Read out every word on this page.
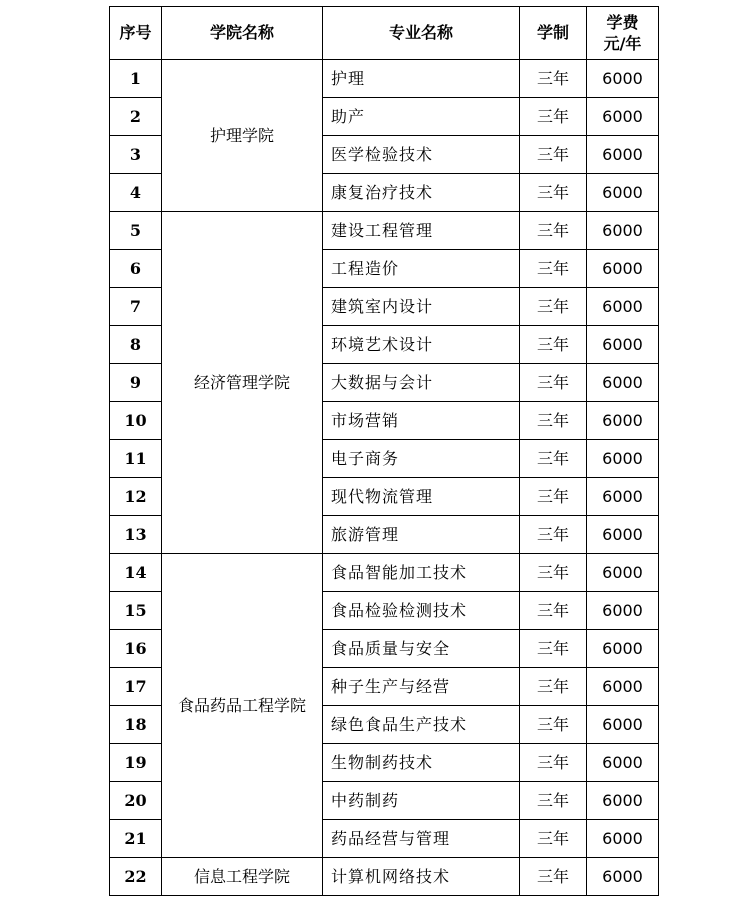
序号	学院名称	专业名称	学制	学费
元/年

1	护理学院	护理	三年	6000
2		助产	三年	6000
3		医学检验技术	三年	6000
4		康复治疗技术	三年	6000
5	经济管理学院	建设工程管理	三年	6000
6		工程造价	三年	6000
7		建筑室内设计	三年	6000
8		环境艺术设计	三年	6000
9		大数据与会计	三年	6000
10		市场营销	三年	6000
11		电子商务	三年	6000
12		现代物流管理	三年	6000
13		旅游管理	三年	6000
14	食品药品工程学院	食品智能加工技术	三年	6000
15		食品检验检测技术	三年	6000
16		食品质量与安全	三年	6000
17		种子生产与经营	三年	6000
18		绿色食品生产技术	三年	6000
19		生物制药技术	三年	6000
20		中药制药	三年	6000
21		药品经营与管理	三年	6000
22	信息工程学院	计算机网络技术	三年	6000
